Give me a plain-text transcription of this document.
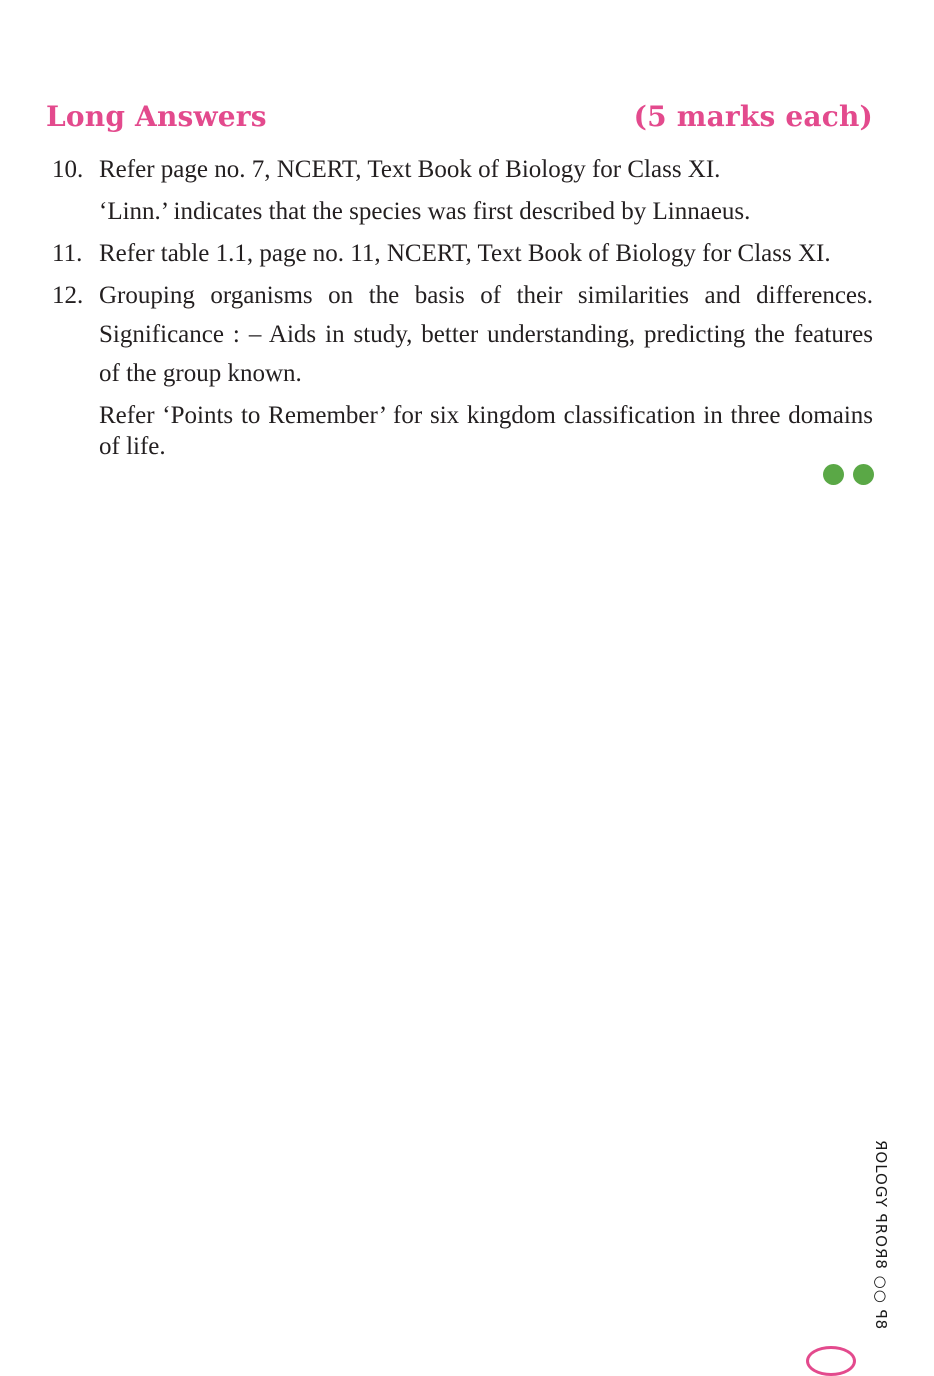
Long Answers	(5 marks each)
10. Refer page no. 7, NCERT, Text Book of Biology for Class XI.
‘Linn.’ indicates that the species was first described by Linnaeus.
11. Refer table 1.1, page no. 11, NCERT, Text Book of Biology for Class XI.
12. Grouping organisms on the basis of their similarities and differences.
Significance : – Aids in study, better understanding, predicting the features
of the group known.
Refer ‘Points to Remember’ for six kingdom classification in three domains
of life.
ЯOLOGY ꟼROЯ8 ○○ ꟼ8
